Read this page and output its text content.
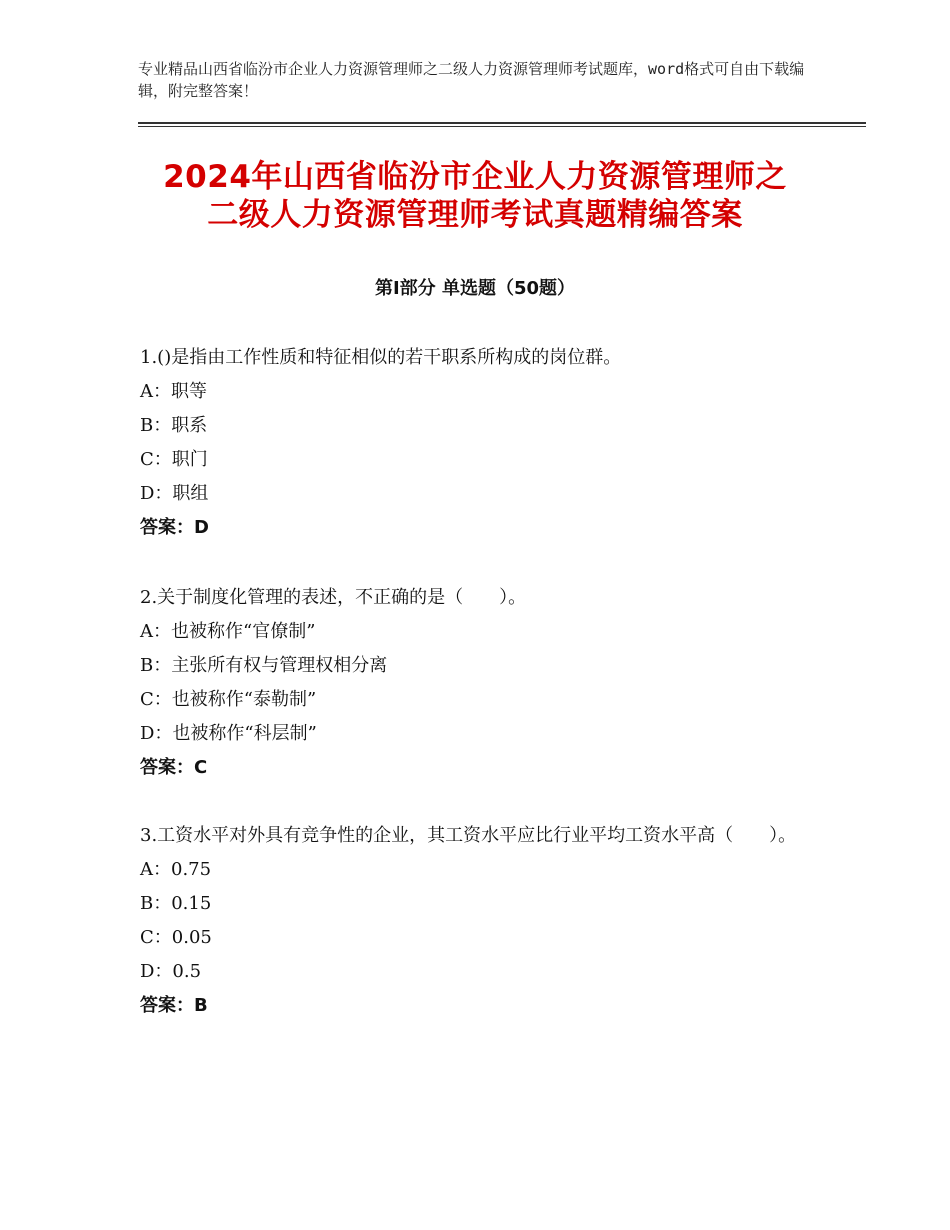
专业精品山西省临汾市企业人力资源管理师之二级人力资源管理师考试题库，word格式可自由下载编辑，附完整答案！
2024年山西省临汾市企业人力资源管理师之
二级人力资源管理师考试真题精编答案
第I部分 单选题（50题）
1.()是指由工作性质和特征相似的若干职系所构成的岗位群。
A：职等
B：职系
C：职门
D：职组
答案：D
2.关于制度化管理的表述，不正确的是（　　）。
A：也被称作“官僚制”
B：主张所有权与管理权相分离
C：也被称作“泰勒制”
D：也被称作“科层制”
答案：C
3.工资水平对外具有竞争性的企业，其工资水平应比行业平均工资水平高（　　）。
A：0.75
B：0.15
C：0.05
D：0.5
答案：B
